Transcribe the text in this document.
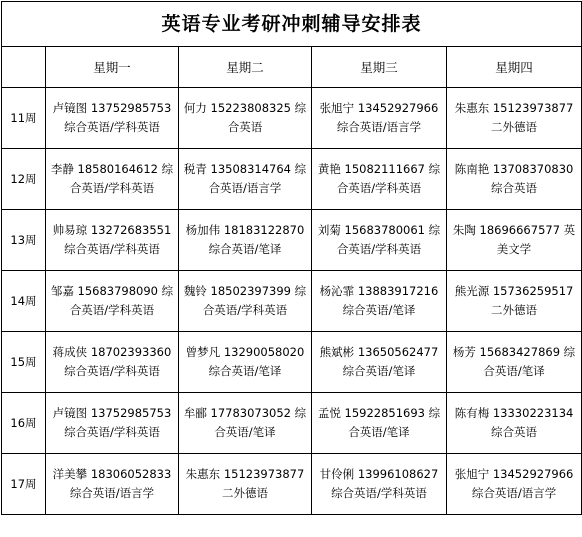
英语专业考研冲刺辅导安排表				
	星期一	星期二	星期三	星期四

11周	卢镜图 13752985753 综合英语/学科英语	何力 15223808325 综合英语	张旭宁 13452927966 综合英语/语言学	朱惠东 15123973877 二外德语

12周	李静 18580164612 综合英语/学科英语	税青 13508314764 综合英语/语言学	黄艳 15082111667 综合英语/学科英语	陈南艳 13708370830 综合英语

13周	帅易琼 13272683551 综合英语/学科英语	杨加伟 18183122870 综合英语/笔译	刘菊 15683780061 综合英语/学科英语	朱陶 18696667577 英美文学

14周	邹嘉 15683798090 综合英语/学科英语	魏铃 18502397399 综合英语/学科英语	杨沁霏 13883917216 综合英语/笔译	熊光源 15736259517 二外德语

15周	蒋成侠 18702393360 综合英语/学科英语	曾梦凡 13290058020 综合英语/笔译	熊斌彬 13650562477 综合英语/笔译	杨芳 15683427869 综合英语/笔译

16周	卢镜图 13752985753 综合英语/学科英语	牟郦 17783073052 综合英语/笔译	孟悦 15922851693 综合英语/笔译	陈有梅 13330223134 综合英语

17周	洋美攀 18306052833 综合英语/语言学	朱惠东 15123973877 二外德语	甘伶俐 13996108627 综合英语/学科英语	张旭宁 13452927966 综合英语/语言学
